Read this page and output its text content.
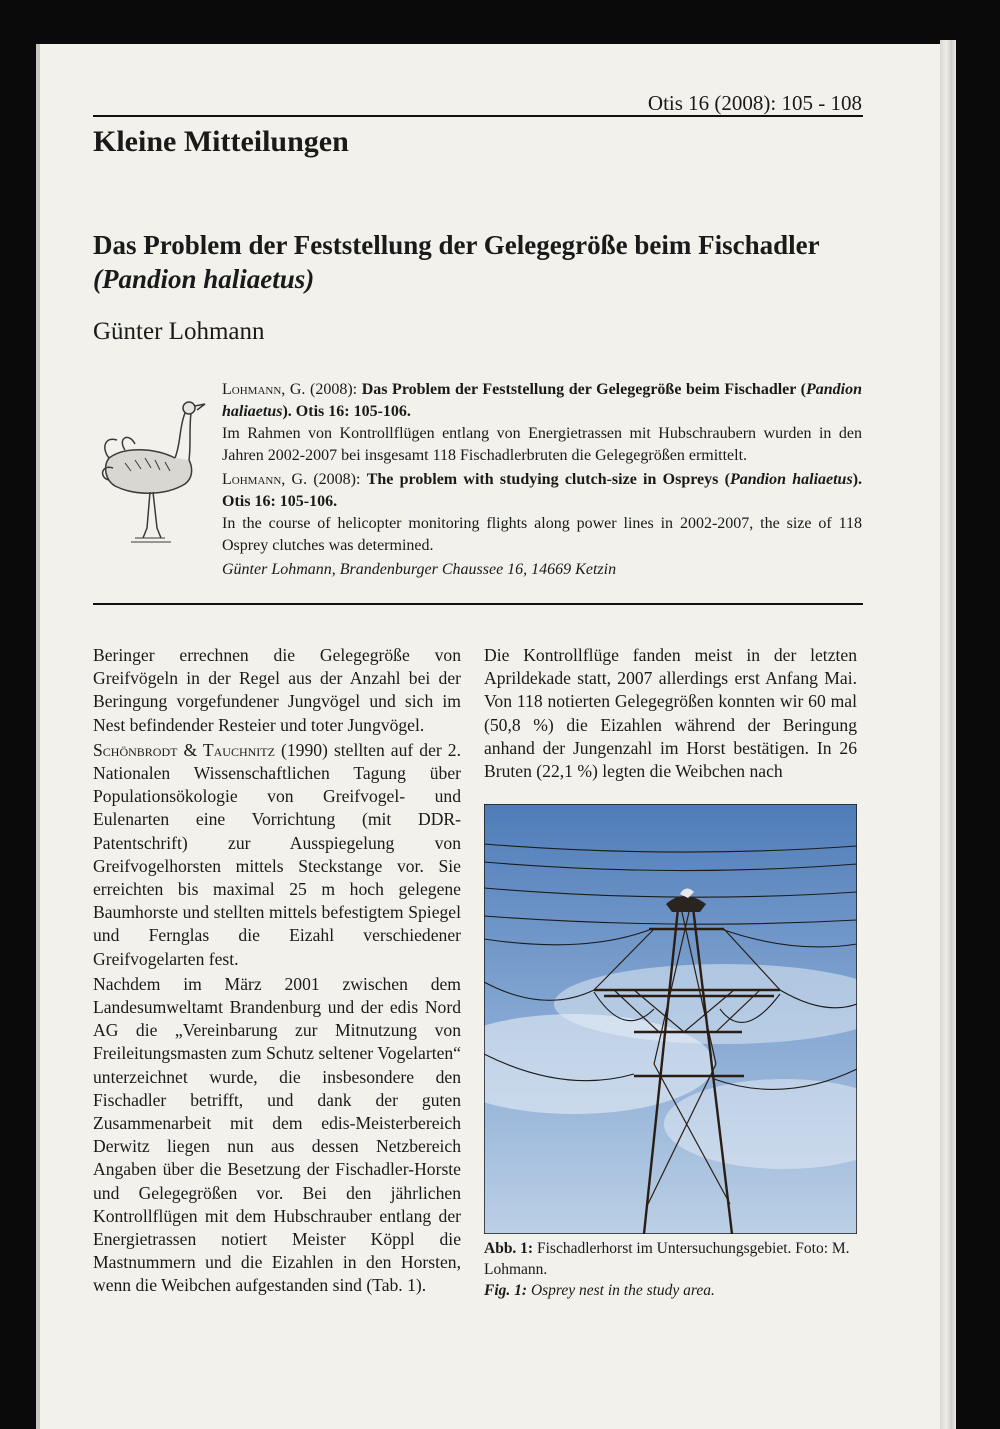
Otis 16 (2008): 105 - 108
Kleine Mitteilungen
Das Problem der Feststellung der Gelegegröße beim Fischadler
(Pandion haliaetus)
Günter Lohmann

Lohmann, G. (2008): Das Problem der Feststellung der Gelegegröße beim Fischadler (Pandion haliaetus). Otis 16: 105-106.

Im Rahmen von Kontrollflügen entlang von Energietrassen mit Hubschraubern wurden in den Jahren 2002-2007 bei insgesamt 118 Fischadlerbruten die Gelegegrößen ermittelt.

Lohmann, G. (2008): The problem with studying clutch-size in Ospreys (Pandion haliaetus). Otis 16: 105-106.

In the course of helicopter monitoring flights along power lines in 2002-2007, the size of 118 Osprey clutches was determined.

Günter Lohmann, Brandenburger Chaussee 16, 14669 Ketzin

Beringer errechnen die Gelegegröße von Greifvögeln in der Regel aus der Anzahl bei der Beringung vorgefundener Jungvögel und sich im Nest befindender Resteier und toter Jungvögel.

Schönbrodt & Tauchnitz (1990) stellten auf der 2. Nationalen Wissenschaftlichen Tagung über Populationsökologie von Greifvogel- und Eulenarten eine Vorrichtung (mit DDR-Patentschrift) zur Ausspiegelung von Greifvogelhorsten mittels Steckstange vor. Sie erreichten bis maximal 25 m hoch gelegene Baumhorste und stellten mittels befestigtem Spiegel und Fernglas die Eizahl verschiedener Greifvogelarten fest.

Nachdem im März 2001 zwischen dem Landesumweltamt Brandenburg und der edis Nord AG die „Vereinbarung zur Mitnutzung von Freileitungsmasten zum Schutz seltener Vogelarten“ unterzeichnet wurde, die insbesondere den Fischadler betrifft, und dank der guten Zusammenarbeit mit dem edis-Meisterbereich Derwitz liegen nun aus dessen Netzbereich Angaben über die Besetzung der Fischadler-Horste und Gelegegrößen vor. Bei den jährlichen Kontrollflügen mit dem Hubschrauber entlang der Energietrassen notiert Meister Köppl die Mastnummern und die Eizahlen in den Horsten, wenn die Weibchen aufgestanden sind (Tab. 1).

Die Kontrollflüge fanden meist in der letzten Aprildekade statt, 2007 allerdings erst Anfang Mai. Von 118 notierten Gelegegrößen konnten wir 60 mal (50,8 %) die Eizahlen während der Beringung anhand der Jungenzahl im Horst bestätigen. In 26 Bruten (22,1 %) legten die Weibchen nach

Abb. 1: Fischadlerhorst im Untersuchungsgebiet. Foto: M. Lohmann.

Fig. 1: Osprey nest in the study area.
